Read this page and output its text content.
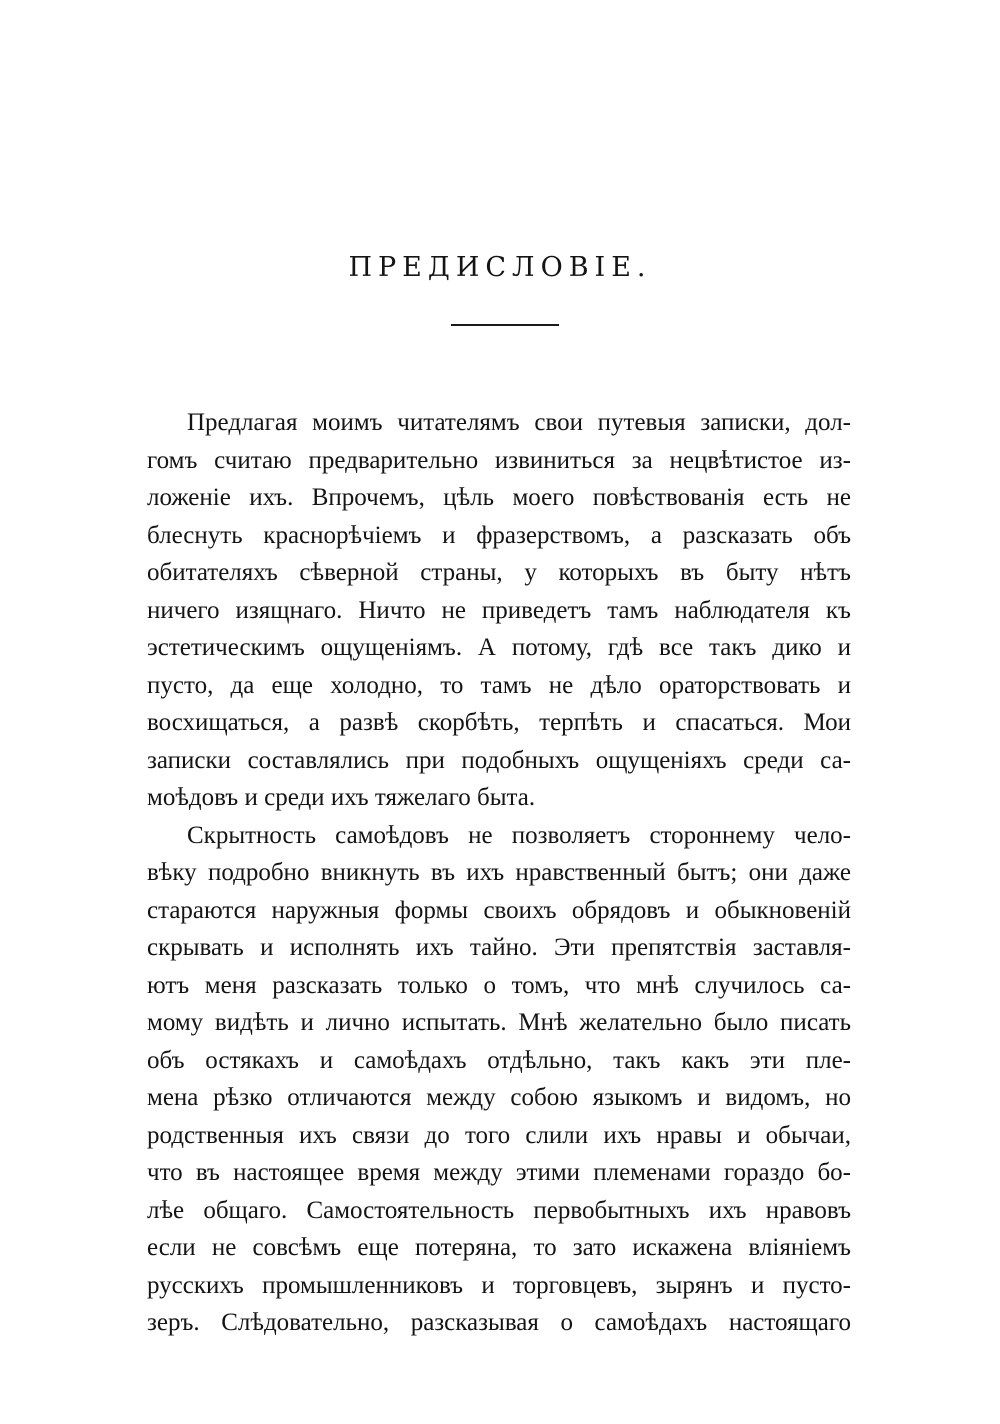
ПРЕДИСЛОВІЕ.
Предлагая моимъ читателямъ свои путевыя записки, дол-
гомъ считаю предварительно извиниться за нецвѣтистое из-
ложеніе ихъ. Впрочемъ, цѣль моего повѣствованія есть не
блеснуть краснорѣчіемъ и фразерствомъ, а разсказать объ
обитателяхъ сѣверной страны, у которыхъ въ быту нѣтъ
ничего изящнаго. Ничто не приведетъ тамъ наблюдателя къ
эстетическимъ ощущеніямъ. А потому, гдѣ все такъ дико и
пусто, да еще холодно, то тамъ не дѣло ораторствовать и
восхищаться, а развѣ скорбѣть, терпѣть и спасаться. Мои
записки составлялись при подобныхъ ощущеніяхъ среди са-
моѣдовъ и среди ихъ тяжелаго быта.
Скрытность самоѣдовъ не позволяетъ стороннему чело-
вѣку подробно вникнуть въ ихъ нравственный бытъ; они даже
стараются наружныя формы своихъ обрядовъ и обыкновеній
скрывать и исполнять ихъ тайно. Эти препятствія заставля-
ютъ меня разсказать только о томъ, что мнѣ случилось са-
мому видѣть и лично испытать. Мнѣ желательно было писать
объ остякахъ и самоѣдахъ отдѣльно, такъ какъ эти пле-
мена рѣзко отличаются между собою языкомъ и видомъ, но
родственныя ихъ связи до того слили ихъ нравы и обычаи,
что въ настоящее время между этими племенами гораздо бо-
лѣе общаго. Самостоятельность первобытныхъ ихъ нравовъ
если не совсѣмъ еще потеряна, то зато искажена вліяніемъ
русскихъ промышленниковъ и торговцевъ, зырянъ и пусто-
зеръ. Слѣдовательно, разсказывая о самоѣдахъ настоящаго
